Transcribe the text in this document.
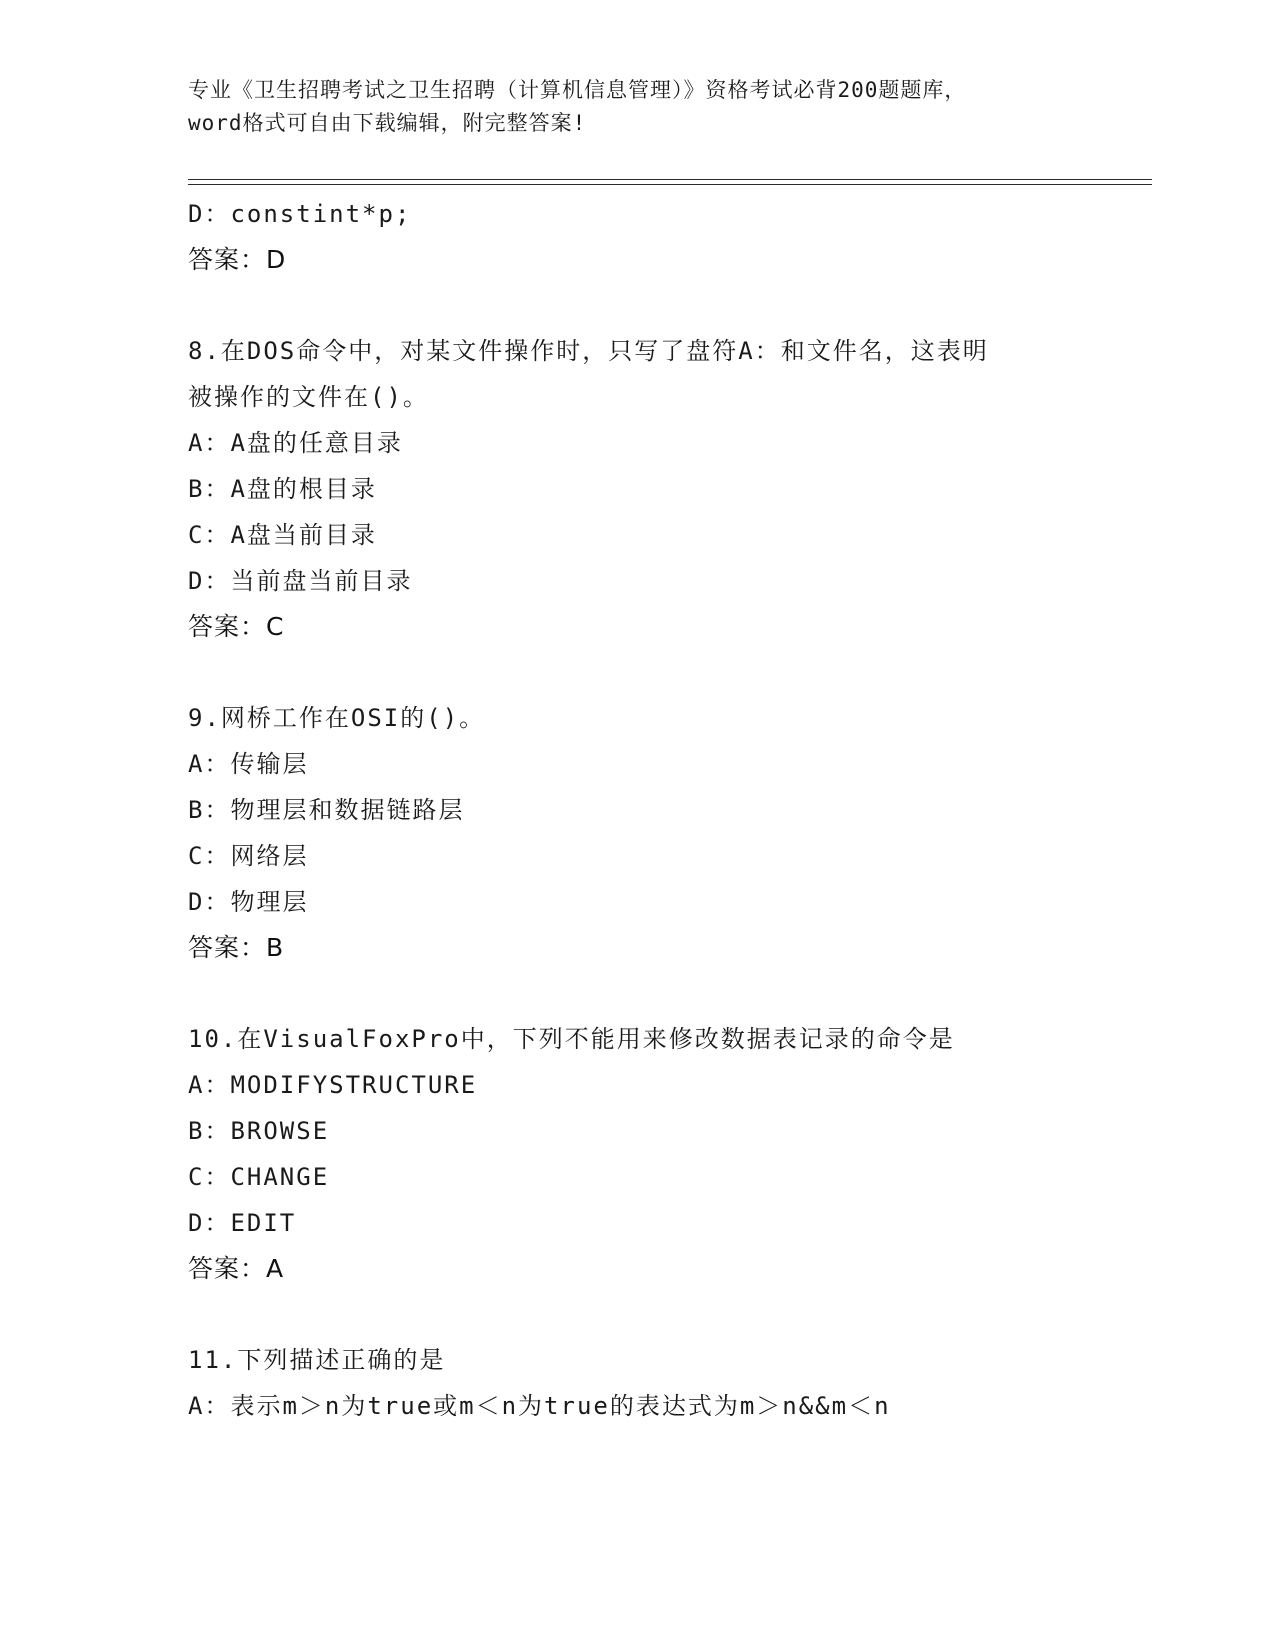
专业《卫生招聘考试之卫生招聘（计算机信息管理）》资格考试必背200题题库，
word格式可自由下载编辑，附完整答案!
D：constint*p;
答案：D
8.在DOS命令中，对某文件操作时，只写了盘符A：和文件名，这表明
被操作的文件在()。
A：A盘的任意目录
B：A盘的根目录
C：A盘当前目录
D：当前盘当前目录
答案：C
9.网桥工作在OSI的()。
A：传输层
B：物理层和数据链路层
C：网络层
D：物理层
答案：B
10.在VisualFoxPro中，下列不能用来修改数据表记录的命令是
A：MODIFYSTRUCTURE
B：BROWSE
C：CHANGE
D：EDIT
答案：A
11.下列描述正确的是
A：表示m＞n为true或m＜n为true的表达式为m＞n&&m＜n
